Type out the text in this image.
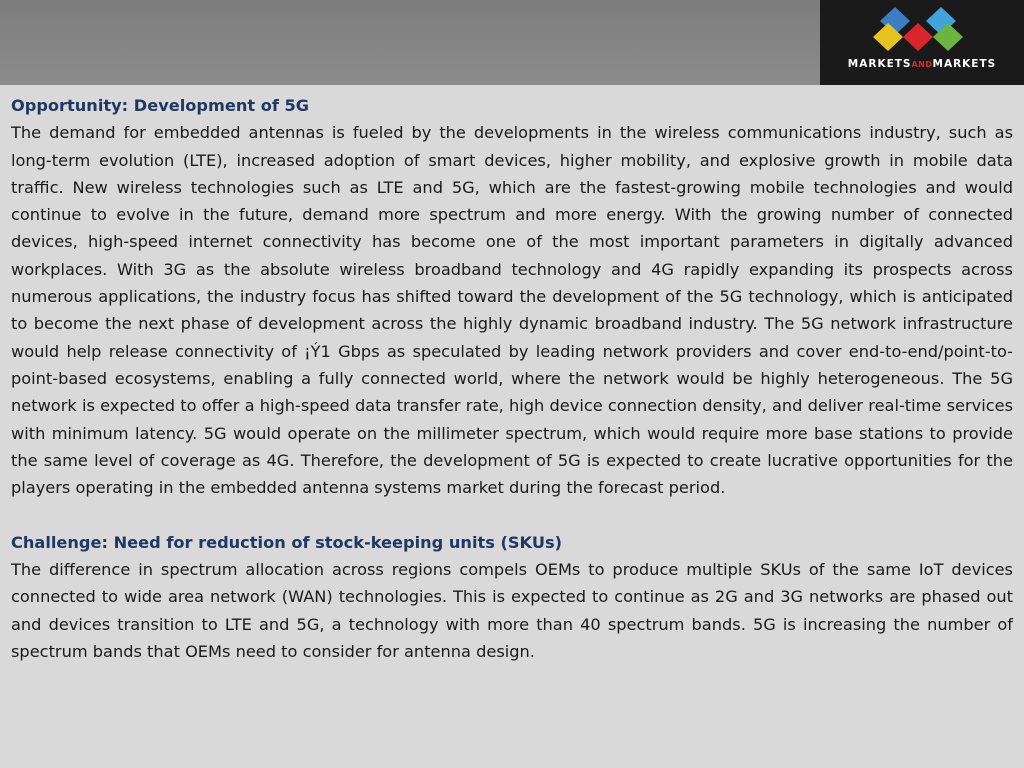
MARKETSANDMARKETS

Opportunity: Development of 5G

The demand for embedded antennas is fueled by the developments in the wireless communications industry, such as long-term evolution (LTE), increased adoption of smart devices, higher mobility, and explosive growth in mobile data traffic. New wireless technologies such as LTE and 5G, which are the fastest-growing mobile technologies and would continue to evolve in the future, demand more spectrum and more energy. With the growing number of connected devices, high-speed internet connectivity has become one of the most important parameters in digitally advanced workplaces. With 3G as the absolute wireless broadband technology and 4G rapidly expanding its prospects across numerous applications, the industry focus has shifted toward the development of the 5G technology, which is anticipated to become the next phase of development across the highly dynamic broadband industry. The 5G network infrastructure would help release connectivity of ¡Ý1 Gbps as speculated by leading network providers and cover end-to-end/point-to-point-based ecosystems, enabling a fully connected world, where the network would be highly heterogeneous. The 5G network is expected to offer a high-speed data transfer rate, high device connection density, and deliver real-time services with minimum latency. 5G would operate on the millimeter spectrum, which would require more base stations to provide the same level of coverage as 4G. Therefore, the development of 5G is expected to create lucrative opportunities for the players operating in the embedded antenna systems market during the forecast period.

Challenge: Need for reduction of stock-keeping units (SKUs)

The difference in spectrum allocation across regions compels OEMs to produce multiple SKUs of the same IoT devices connected to wide area network (WAN) technologies. This is expected to continue as 2G and 3G networks are phased out and devices transition to LTE and 5G, a technology with more than 40 spectrum bands. 5G is increasing the number of spectrum bands that OEMs need to consider for antenna design.
